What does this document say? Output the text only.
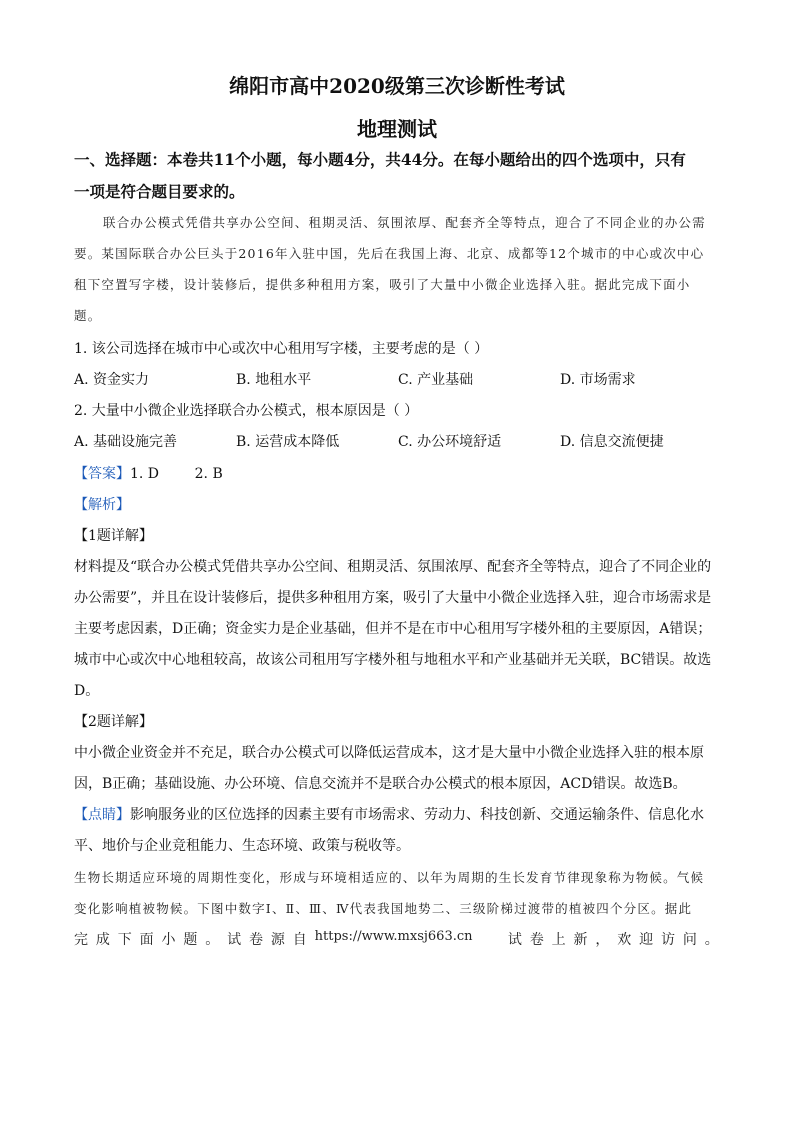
绵阳市高中2020级第三次诊断性考试
地理测试
一、选择题：本卷共11个小题，每小题4分，共44分。在每小题给出的四个选项中，只有
一项是符合题目要求的。
联合办公模式凭借共享办公空间、租期灵活、氛围浓厚、配套齐全等特点，迎合了不同企业的办公需
要。某国际联合办公巨头于2016年入驻中国，先后在我国上海、北京、成都等12个城市的中心或次中心
租下空置写字楼，设计装修后，提供多种租用方案，吸引了大量中小微企业选择入驻。据此完成下面小
题。
1. 该公司选择在城市中心或次中心租用写字楼，主要考虑的是（ ）
A. 资金实力	B. 地租水平	C. 产业基础	D. 市场需求
2. 大量中小微企业选择联合办公模式，根本原因是（ ）
A. 基础设施完善	B. 运营成本降低	C. 办公环境舒适	D. 信息交流便捷
【答案】1. D        2. B
【解析】
【1题详解】
材料提及“联合办公模式凭借共享办公空间、租期灵活、氛围浓厚、配套齐全等特点，迎合了不同企业的
办公需要”，并且在设计装修后，提供多种租用方案，吸引了大量中小微企业选择入驻，迎合市场需求是
主要考虑因素，D正确；资金实力是企业基础，但并不是在市中心租用写字楼外租的主要原因，A错误；
城市中心或次中心地租较高，故该公司租用写字楼外租与地租水平和产业基础并无关联，BC错误。故选
D。
【2题详解】
中小微企业资金并不充足，联合办公模式可以降低运营成本，这才是大量中小微企业选择入驻的根本原
因，B正确；基础设施、办公环境、信息交流并不是联合办公模式的根本原因，ACD错误。故选B。
【点睛】影响服务业的区位选择的因素主要有市场需求、劳动力、科技创新、交通运输条件、信息化水
平、地价与企业竞租能力、生态环境、政策与税收等。
生物长期适应环境的周期性变化，形成与环境相适应的、以年为周期的生长发育节律现象称为物候。气候
变化影响植被物候。下图中数字Ⅰ、Ⅱ、Ⅲ、Ⅳ代表我国地势二、三级阶梯过渡带的植被四个分区。据此
完 成 下 面 小 题 。 试 卷 源 自 https://www.mxsj663.cn	试 卷 上 新 ， 欢 迎 访 问 。
